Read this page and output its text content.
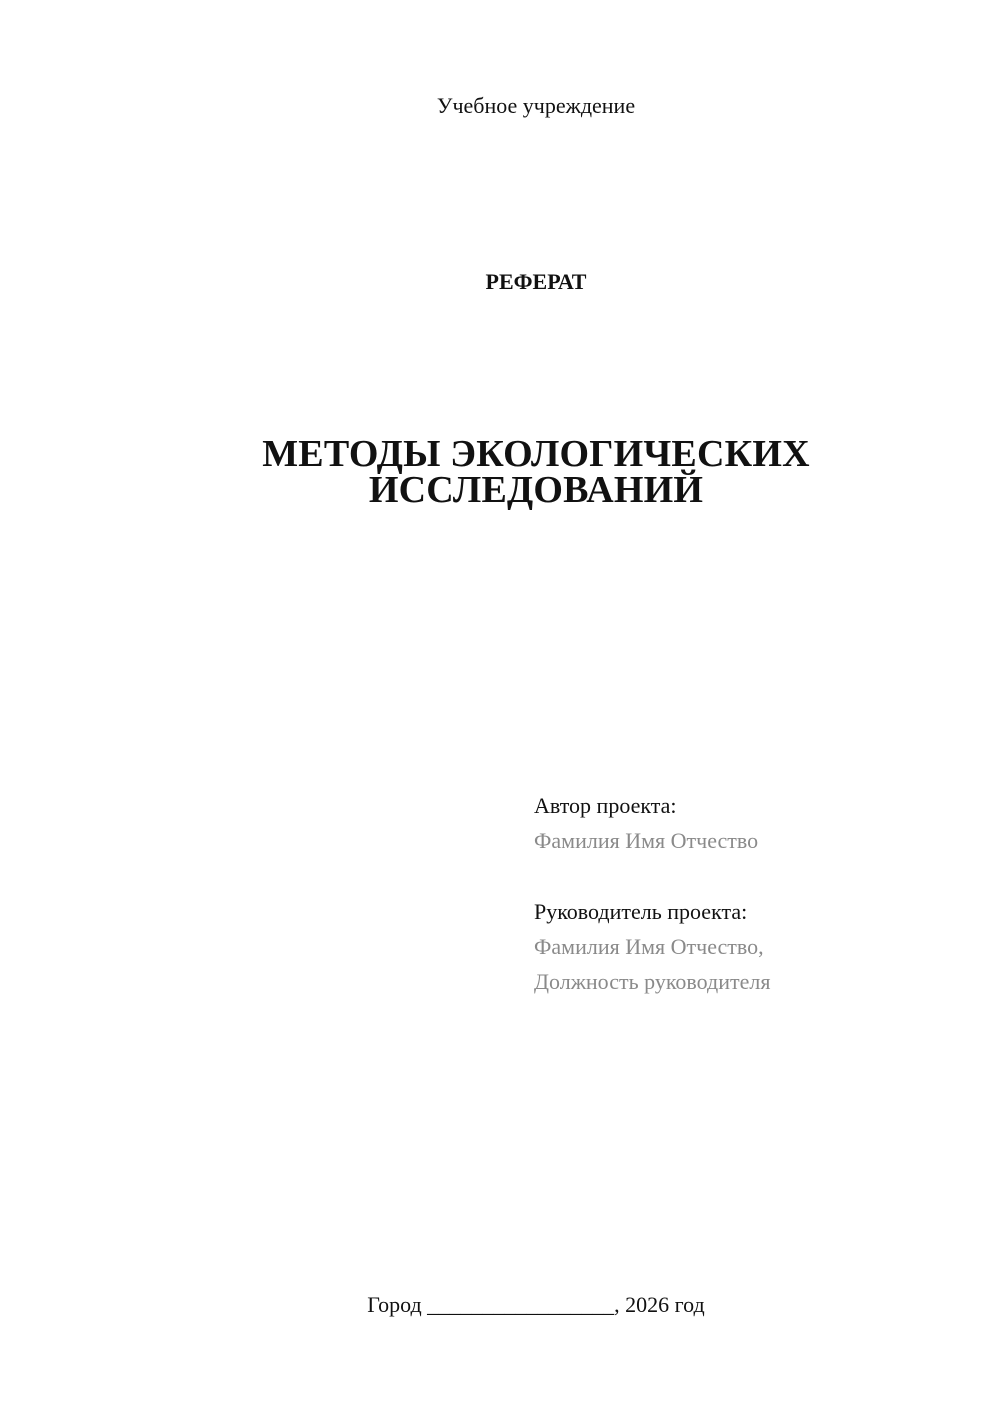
Учебное учреждение
РЕФЕРАТ
МЕТОДЫ ЭКОЛОГИЧЕСКИХ
ИССЛЕДОВАНИЙ
Автор проекта:
Фамилия Имя Отчество
Руководитель проекта:
Фамилия Имя Отчество,
Должность руководителя
Город _________________, 2026 год
